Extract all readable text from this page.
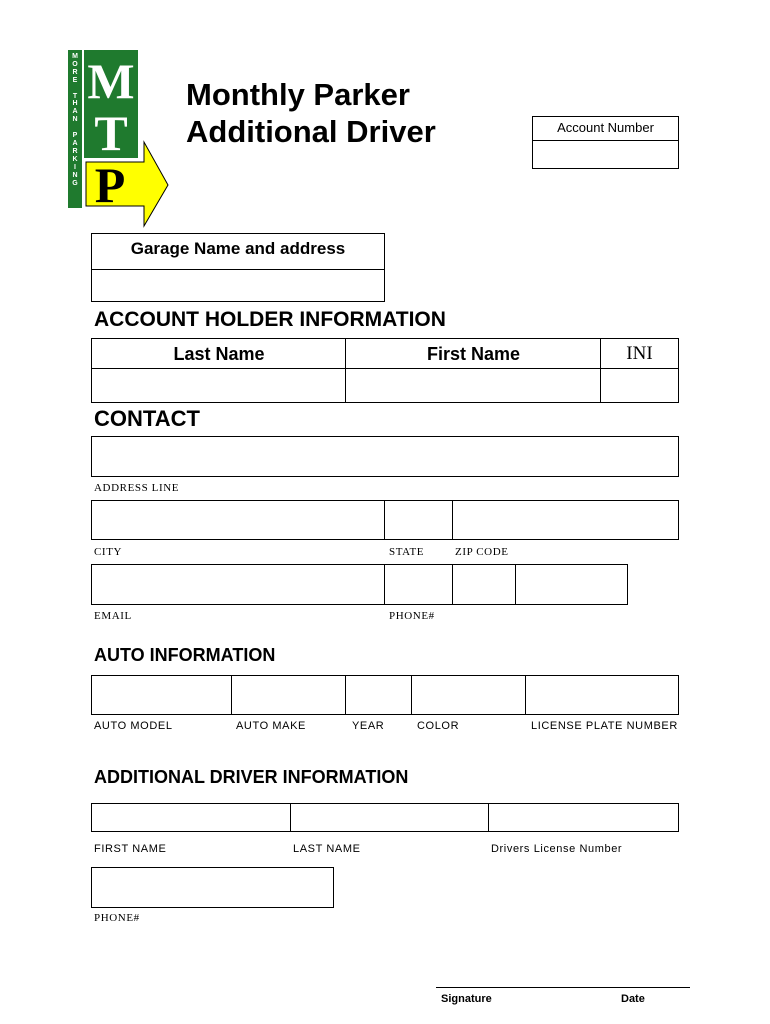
M
O
R
E

T
H
A
N

P
A
R
K
I
N
G
M
T
P
Monthly Parker
Additional Driver	Account Number
Garage Name and address
ACCOUNT HOLDER INFORMATION
Last Name	First Name	INI
CONTACT
ADDRESS LINE
CITY	STATE	ZIP CODE
EMAIL	PHONE#
AUTO INFORMATION
AUTO MODEL	AUTO MAKE	YEAR	COLOR	LICENSE PLATE NUMBER
ADDITIONAL DRIVER INFORMATION
FIRST NAME	LAST NAME	Drivers License Number
PHONE#
Signature	Date
